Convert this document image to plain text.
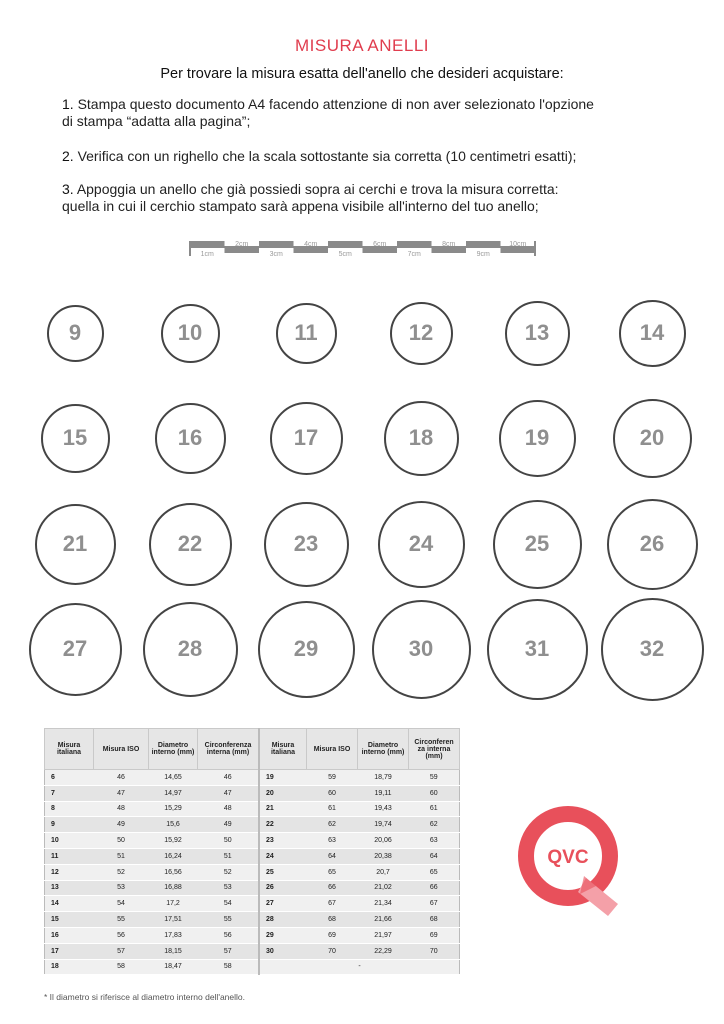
MISURA ANELLI
Per trovare la misura esatta dell'anello che desideri acquistare:
1. Stampa questo documento A4 facendo attenzione di non aver selezionato l'opzione
di stampa “adatta alla pagina”;
2. Verifica con un righello che la scala sottostante sia corretta (10 centimetri esatti);
3. Appoggia un anello che già possiedi sopra ai cerchi e trova la misura corretta:
quella in cui il cerchio stampato sarà appena visibile all'interno del tuo anello;
2cm	4cm	6cm	8cm	10cm
1cm	3cm	5cm	7cm	9cm
9	10	11	12	13	14
15	16	17	18	19	20
21	22	23	24	25	26
27	28	29	30	31	32
Misura italiana	Misura ISO	Diametro interno (mm)	Circonferenza interna (mm)	Misura italiana	Misura ISO	Diametro interno (mm)	Circonferen za interna (mm)
6	46	14,65	46	19	59	18,79	59
7	47	14,97	47	20	60	19,11	60
8	48	15,29	48	21	61	19,43	61
9	49	15,6	49	22	62	19,74	62
10	50	15,92	50	23	63	20,06	63
11	51	16,24	51	24	64	20,38	64
12	52	16,56	52	25	65	20,7	65
13	53	16,88	53	26	66	21,02	66
14	54	17,2	54	27	67	21,34	67
15	55	17,51	55	28	68	21,66	68
16	56	17,83	56	29	69	21,97	69
17	57	18,15	57	30	70	22,29	70
18	58	18,47	58	-			
* Il diametro si riferisce al diametro interno dell'anello.
QVC
